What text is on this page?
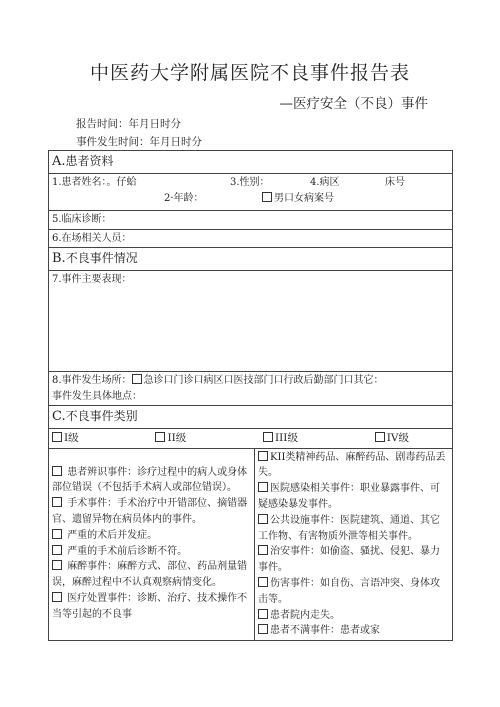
中医药大学附属医院不良事件报告表
—医疗安全（不良）事件
报告时间：年月日时分
事件发生时间：年月日时分
A.患者资料

1.患者姓名：。仔蛤	3.性别：	4.病区	床号
2·年龄：	男口女病案号

5.临床诊断：
6.在场相关人员：
B.不良事件情况
7.事件主要表现：

8.事件发生场所： 急诊口门诊口病区口医技部门口行政后勤部门口其它：
事件发生具体地点：

C.不良事件类别

I级	II级	III级	IV级

患者辨识事件：诊疗过程中的病人或身体部位错误（不包括手术病人或部位错误）。
手术事件：手术治疗中开错部位、摘错器官、遗留异物在病员体内的事件。
严重的术后并发症。
严重的手术前后诊断不符。
麻醉事件：麻醉方式、部位、药品剂量错误，麻醉过程中不认真观察病情变化。
医疗处置事件：诊断、治疗、技术操作不当等引起的不良事

KII类精神药品、麻醉药品、剧毒药品丢失。
医院感染相关事件：职业暴露事件、可疑感染暴发事件。
公共设施事件：医院建筑、通道、其它工作物、有害物质外泄等相关事件。
治安事件：如偷盗、骚扰、侵犯、暴力事件。
伤害事件：如自伤、言语冲突、身体攻击等。
患者院内走失。
患者不满事件：患者或家
